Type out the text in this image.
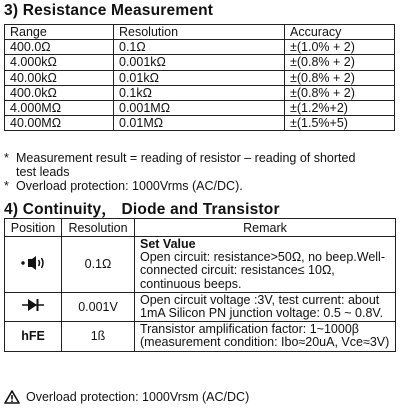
3) Resistance Measurement
Range	Resolution	Accuracy
400.0Ω	0.1Ω	±(1.0% + 2)
4.000kΩ	0.001kΩ	±(0.8% + 2)
40.00kΩ	0.01kΩ	±(0.8% + 2)
400.0kΩ	0.1kΩ	±(0.8% + 2)
4.000MΩ	0.001MΩ	±(1.2%+2)
40.00MΩ	0.01MΩ	±(1.5%+5)
* Measurement result = reading of resistor – reading of shorted
test leads
* Overload protection: 1000Vrms (AC/DC).
4) Continuity， Diode and Transistor
Position	Resolution	Remark
	0.1Ω	Set Value
Open circuit: resistance>50Ω, no beep.Well-connected circuit: resistance≤ 10Ω, continuous beeps.

	0.001V	Open circuit voltage :3V, test current: about 1mA Silicon PN junction voltage: 0.5 ~ 0.8V.
hFE	1ß	Transistor amplification factor: 1~1000β (measurement condition: Ibo≈20uA, Vce≈3V)
Overload protection: 1000Vrsm (AC/DC)
